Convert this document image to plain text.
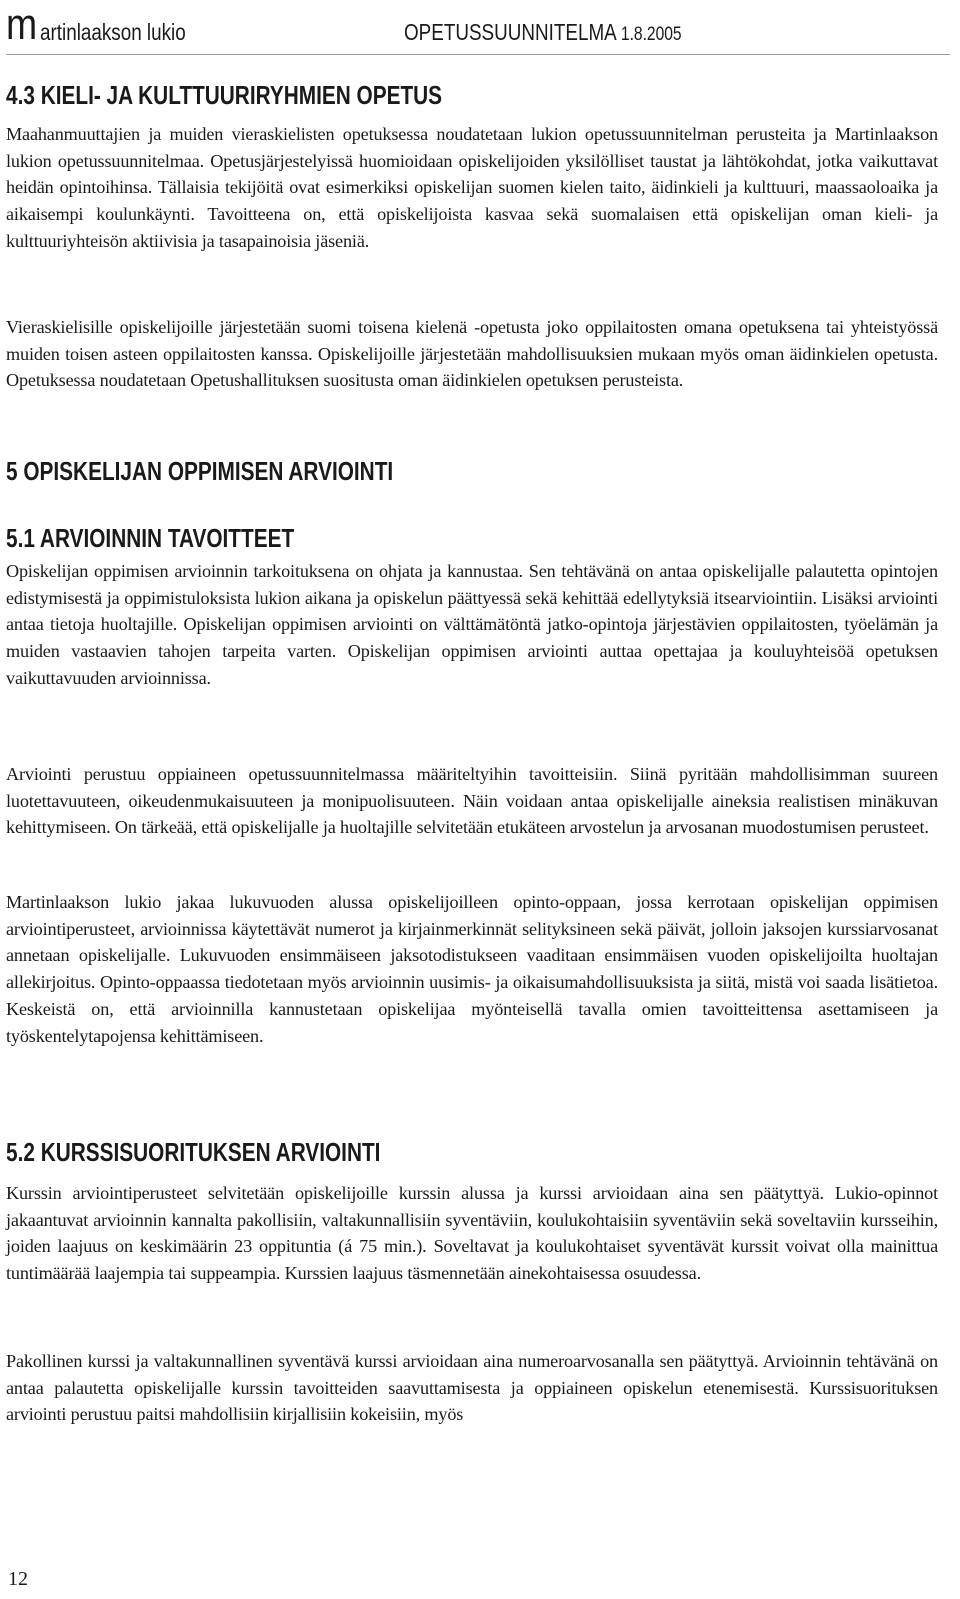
m artinlaakson lukio	OPETUSSUUNNITELMA 1.8.2005
4.3 KIELI- JA KULTTUURIRYHMIEN OPETUS

Maahanmuuttajien ja muiden vieraskielisten opetuksessa noudatetaan lukion opetussuunnitelman perusteita ja Martinlaakson lukion opetussuunnitelmaa. Opetusjärjestelyissä huomioidaan opiskelijoiden yksilölliset taustat ja lähtökohdat, jotka vaikuttavat heidän opintoihinsa. Tällaisia tekijöitä ovat esimerkiksi opiskelijan suomen kielen taito, äidinkieli ja kulttuuri, maassaoloaika ja aikaisempi koulunkäynti. Tavoitteena on, että opiskelijoista kasvaa sekä suomalaisen että opiskelijan oman kieli- ja kulttuuriyhteisön aktiivisia ja tasapainoisia jäseniä.

Vieraskielisille opiskelijoille järjestetään suomi toisena kielenä -opetusta joko oppilaitosten omana opetuksena tai yhteistyössä muiden toisen asteen oppilaitosten kanssa. Opiskelijoille järjestetään mahdollisuuksien mukaan myös oman äidinkielen opetusta. Opetuksessa noudatetaan Opetushallituksen suositusta oman äidinkielen opetuksen perusteista.

5 OPISKELIJAN OPPIMISEN ARVIOINTI
5.1 ARVIOINNIN TAVOITTEET

Opiskelijan oppimisen arvioinnin tarkoituksena on ohjata ja kannustaa. Sen tehtävänä on antaa opiskelijalle palautetta opintojen edistymisestä ja oppimistuloksista lukion aikana ja opiskelun päättyessä sekä kehittää edellytyksiä itsearviointiin. Lisäksi arviointi antaa tietoja huoltajille. Opiskelijan oppimisen arviointi on välttämätöntä jatko-opintoja järjestävien oppilaitosten, työelämän ja muiden vastaavien tahojen tarpeita varten. Opiskelijan oppimisen arviointi auttaa opettajaa ja kouluyhteisöä opetuksen vaikuttavuuden arvioinnissa.

Arviointi perustuu oppiaineen opetussuunnitelmassa määriteltyihin tavoitteisiin. Siinä pyritään mahdollisimman suureen luotettavuuteen, oikeudenmukaisuuteen ja monipuolisuuteen. Näin voidaan antaa opiskelijalle aineksia realistisen minäkuvan kehittymiseen. On tärkeää, että opiskelijalle ja huoltajille selvitetään etukäteen arvostelun ja arvosanan muodostumisen perusteet.

Martinlaakson lukio jakaa lukuvuoden alussa opiskelijoilleen opinto-oppaan, jossa kerrotaan opiskelijan oppimisen arviointiperusteet, arvioinnissa käytettävät numerot ja kirjainmerkinnät selityksineen sekä päivät, jolloin jaksojen kurssiarvosanat annetaan opiskelijalle. Lukuvuoden ensimmäiseen jaksotodistukseen vaaditaan ensimmäisen vuoden opiskelijoilta huoltajan allekirjoitus. Opinto-oppaassa tiedotetaan myös arvioinnin uusimis- ja oikaisumahdollisuuksista ja siitä, mistä voi saada lisätietoa. Keskeistä on, että arvioinnilla kannustetaan opiskelijaa myönteisellä tavalla omien tavoitteittensa asettamiseen ja työskentelytapojensa kehittämiseen.

5.2 KURSSISUORITUKSEN ARVIOINTI

Kurssin arviointiperusteet selvitetään opiskelijoille kurssin alussa ja kurssi arvioidaan aina sen päätyttyä. Lukio-opinnot jakaantuvat arvioinnin kannalta pakollisiin, valtakunnallisiin syventäviin, koulukohtaisiin syventäviin sekä soveltaviin kursseihin, joiden laajuus on keskimäärin 23 oppituntia (á 75 min.). Soveltavat ja koulukohtaiset syventävät kurssit voivat olla mainittua tuntimäärää laajempia tai suppeampia. Kurssien laajuus täsmennetään ainekohtaisessa osuudessa.

Pakollinen kurssi ja valtakunnallinen syventävä kurssi arvioidaan aina numeroarvosanalla sen päätyttyä. Arvioinnin tehtävänä on antaa palautetta opiskelijalle kurssin tavoitteiden saavuttamisesta ja oppiaineen opiskelun etenemisestä. Kurssisuorituksen arviointi perustuu paitsi mahdollisiin kirjallisiin kokeisiin, myös

12
